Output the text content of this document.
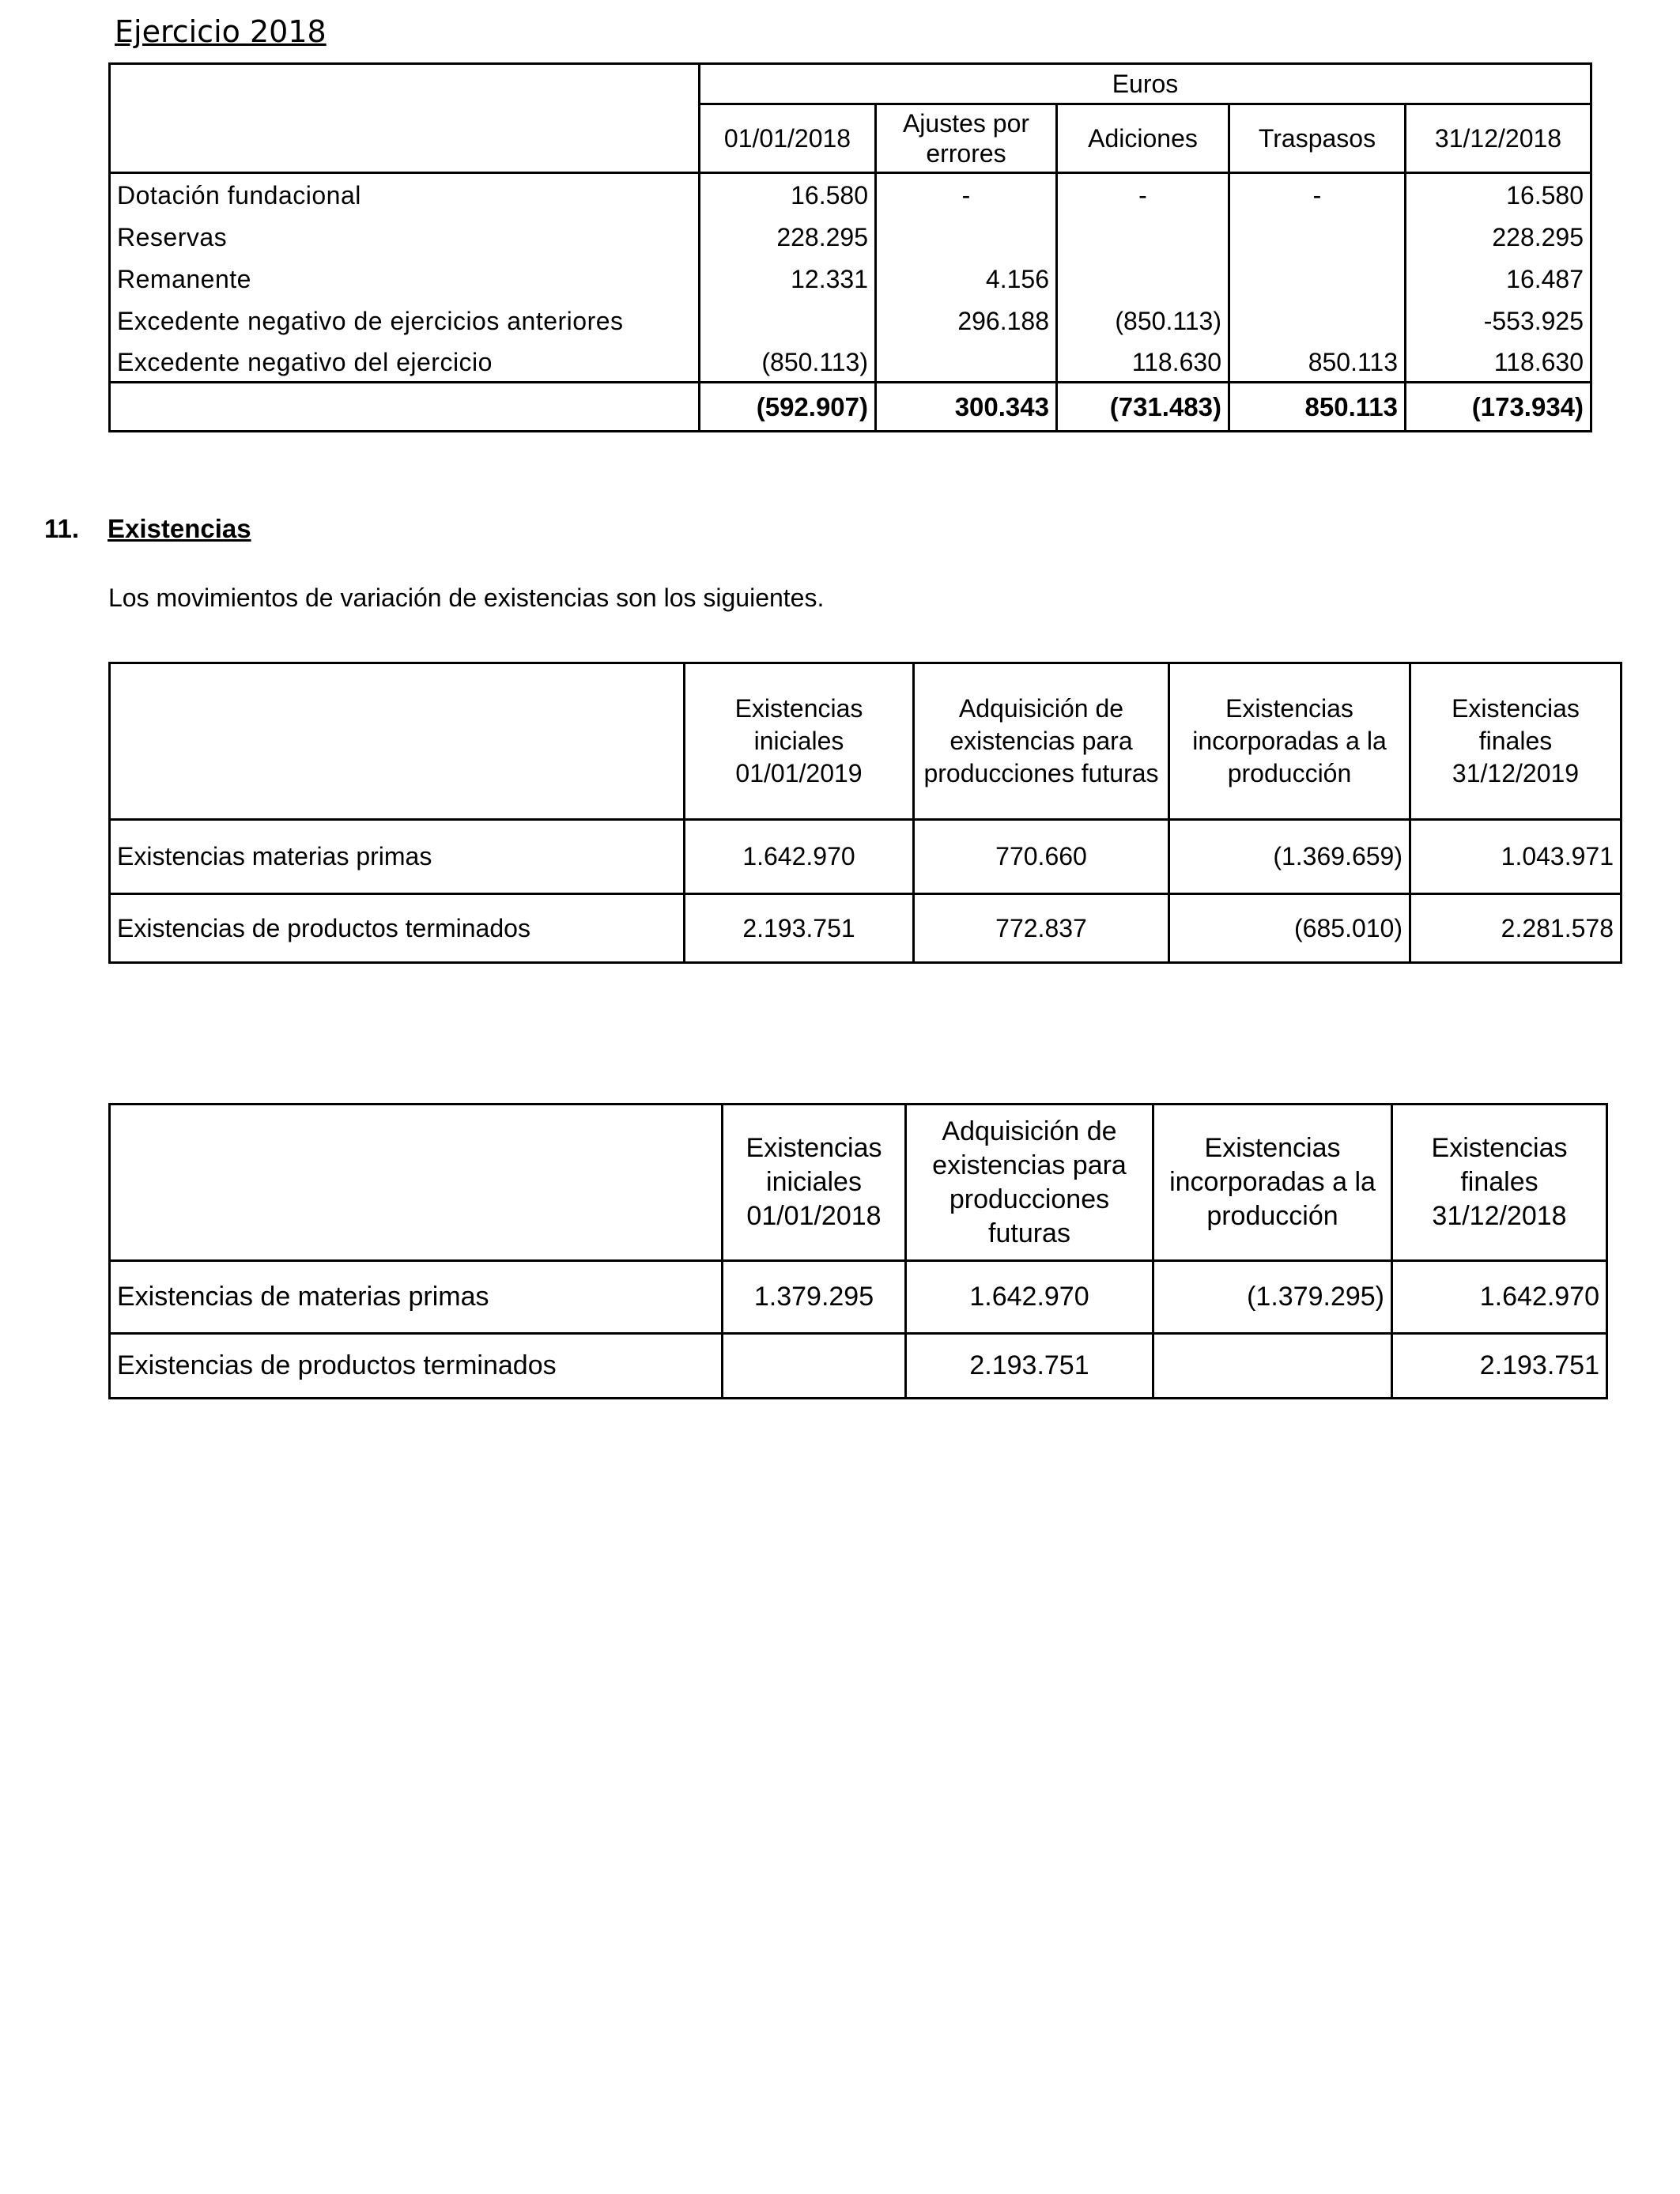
Ejercicio 2018
	Euros				
	01/01/2018	Ajustes por errores	Adiciones	Traspasos	31/12/2018
Dotación fundacional	16.580	-	-	-	16.580
Reservas	228.295				228.295
Remanente	12.331	4.156			16.487
Excedente negativo de ejercicios anteriores		296.188	(850.113)		-553.925
Excedente negativo del ejercicio	(850.113)		118.630	850.113	118.630
	(592.907)	300.343	(731.483)	850.113	(173.934)
11. Existencias
Los movimientos de variación de existencias son los siguientes.
	Existencias iniciales 01/01/2019	Adquisición de existencias para producciones futuras	Existencias incorporadas a la producción	Existencias finales 31/12/2019
Existencias materias primas	1.642.970	770.660	(1.369.659)	1.043.971
Existencias de productos terminados	2.193.751	772.837	(685.010)	2.281.578
	Existencias iniciales 01/01/2018	Adquisición de existencias para producciones futuras	Existencias incorporadas a la producción	Existencias finales 31/12/2018
Existencias de materias primas	1.379.295	1.642.970	(1.379.295)	1.642.970
Existencias de productos terminados		2.193.751		2.193.751
